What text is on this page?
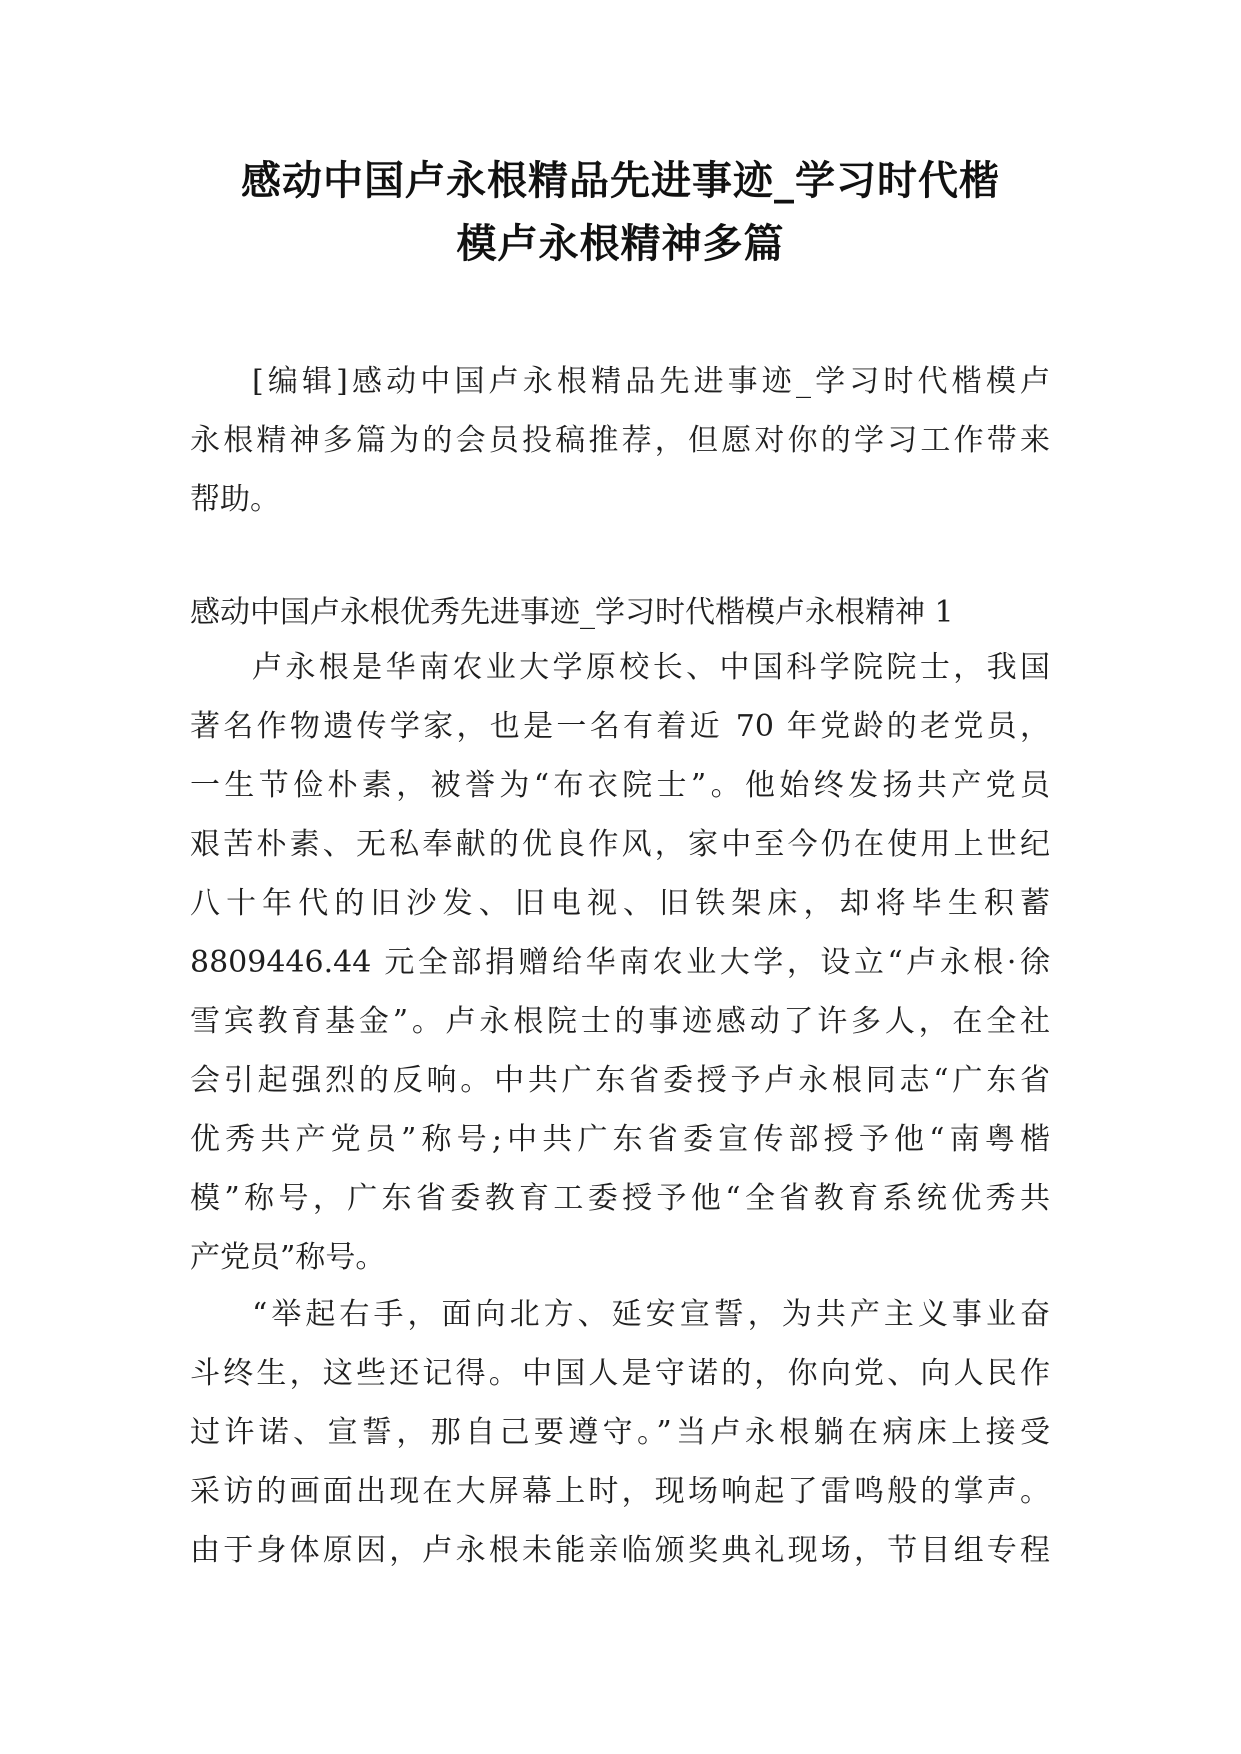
感动中国卢永根精品先进事迹_学习时代楷
模卢永根精神多篇

[编辑]感动中国卢永根精品先进事迹_学习时代楷模卢
永根精神多篇为的会员投稿推荐，但愿对你的学习工作带来
帮助。

感动中国卢永根优秀先进事迹_学习时代楷模卢永根精神 1

卢永根是华南农业大学原校长、中国科学院院士，我国
著名作物遗传学家，也是一名有着近 70 年党龄的老党员，
一生节俭朴素，被誉为“布衣院士”。他始终发扬共产党员
艰苦朴素、无私奉献的优良作风，家中至今仍在使用上世纪
八十年代的旧沙发、旧电视、旧铁架床，却将毕生积蓄
8809446.44 元全部捐赠给华南农业大学，设立“卢永根·徐
雪宾教育基金”。卢永根院士的事迹感动了许多人，在全社
会引起强烈的反响。中共广东省委授予卢永根同志“广东省
优秀共产党员”称号;中共广东省委宣传部授予他“南粤楷
模”称号，广东省委教育工委授予他“全省教育系统优秀共
产党员”称号。

“举起右手，面向北方、延安宣誓，为共产主义事业奋
斗终生，这些还记得。中国人是守诺的，你向党、向人民作
过许诺、宣誓，那自己要遵守。”当卢永根躺在病床上接受
采访的画面出现在大屏幕上时，现场响起了雷鸣般的掌声。
由于身体原因，卢永根未能亲临颁奖典礼现场，节目组专程
